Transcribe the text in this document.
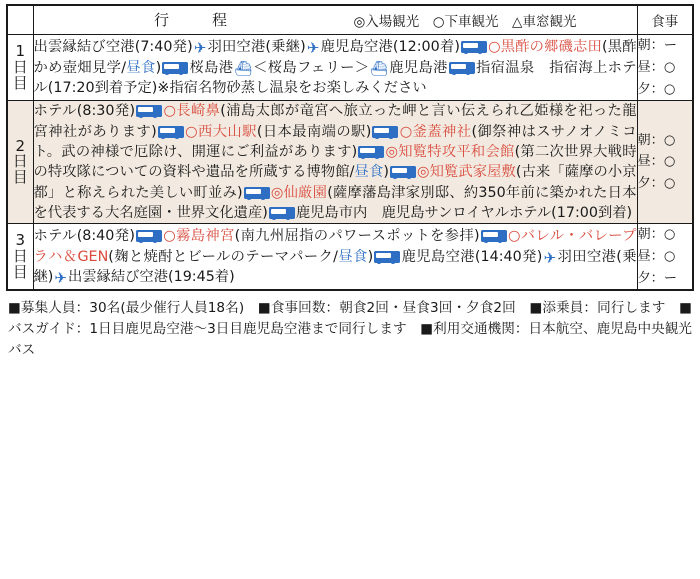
	行　程 ◎入場観光　○下車観光　△車窓観光	食事

1
日
目	出雲縁結び空港(7:40発)✈羽田空港(乗継)✈鹿児島空港(12:00着) ○黒酢の郷磯志田(黒酢かめ壺畑見学/昼食) 桜島港⛴＜桜島フェリー＞⛴鹿児島港 指宿温泉　指宿海上ホテル(17:20到着予定)※指宿名物砂蒸し温泉をお楽しみください	朝：ー
昼：○
夕：○

2
日
目
	ホテル(8:30発) ○長崎鼻(浦島太郎が竜宮へ旅立った岬と言い伝えられ乙姫様を祀った龍宮神社があります) ○西大山駅(日本最南端の駅) ○釜蓋神社(御祭神はスサノオノミコト。武の神様で厄除け、開運にご利益があります) ◎知覧特攻平和会館(第二次世界大戦時の特攻隊についての資料や遺品を所蔵する博物館/昼食) ◎知覧武家屋敷(古来「薩摩の小京都」と称えられた美しい町並み) ◎仙厳園(薩摩藩島津家別邸、約350年前に築かれた日本を代表する大名庭園・世界文化遺産) 鹿児島市内　鹿児島サンロイヤルホテル(17:00到着)	
朝：○
昼：○
夕：○

3
日
目	ホテル(8:40発) ○霧島神宮(南九州屈指のパワースポットを参拝) ○バレル・バレープラハ＆GEN(麹と焼酎とビールのテーマパーク/昼食) 鹿児島空港(14:40発)✈羽田空港(乗継)✈出雲縁結び空港(19:45着)	朝：○
昼：○
夕：ー
■募集人員：30名(最少催行人員18名)　■食事回数：朝食2回・昼食3回・夕食2回　■添乗員：同行します　■バスガイド：1日目鹿児島空港～3日目鹿児島空港まで同行します　■利用交通機関：日本航空、鹿児島中央観光バス
